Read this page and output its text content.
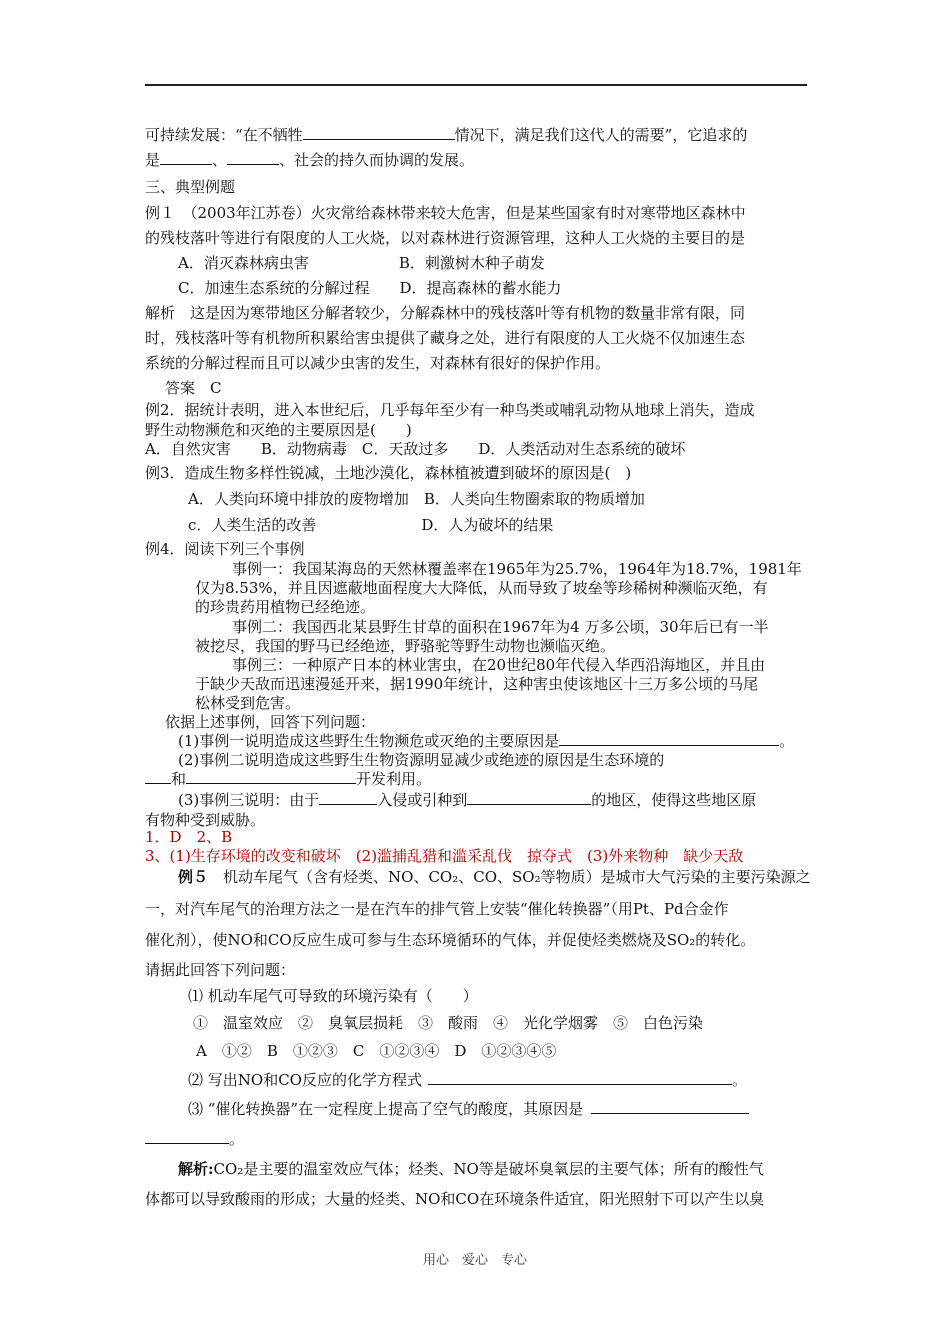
可持续发展：“在不牺牲	情况下，满足我们这代人的需要”，它追求的
是	、	、社会的持久而协调的发展。
三、典型例题
例１　（2003年江苏卷）火灾常给森林带来较大危害，但是某些国家有时对寒带地区森林中
的残枝落叶等进行有限度的人工火烧，以对森林进行资源管理，这种人工火烧的主要目的是
A．消灭森林病虫害　　　　　　B．刺激树木种子萌发
C．加速生态系统的分解过程　　D．提高森林的蓄水能力
解析　这是因为寒带地区分解者较少，分解森林中的残枝落叶等有机物的数量非常有限，同
时，残枝落叶等有机物所积累给害虫提供了藏身之处，进行有限度的人工火烧不仅加速生态
系统的分解过程而且可以减少虫害的发生，对森林有很好的保护作用。
答案　C
例2．据统计表明，进入本世纪后，几乎每年至少有一种鸟类或哺乳动物从地球上消失，造成
野生动物濒危和灭绝的主要原因是(　　)
A．自然灾害　　B．动物病毒　C．天敌过多　　D．人类活动对生态系统的破坏
例3．造成生物多样性锐减，土地沙漠化，森林植被遭到破坏的原因是(　)
A．人类向环境中排放的废物增加　B．人类向生物圈索取的物质增加
c．人类生活的改善　　　　　　　D．人为破坏的结果
例4．阅读下列三个事例
事例一：我国某海岛的天然林覆盖率在1965年为25.7%，1964年为18.7%，1981年
仅为8.53%，并且因遮蔽地面程度大大降低，从而导致了坡垒等珍稀树种濒临灭绝，有
的珍贵药用植物已经绝迹。
事例二：我国西北某县野生甘草的面积在1967年为4 万多公顷，30年后已有一半
被挖尽，我国的野马已经绝迹，野骆驼等野生动物也濒临灭绝。
事例三：一种原产日本的林业害虫，在20世纪80年代侵入华西沿海地区，并且由
于缺少天敌而迅速漫延开来，据1990年统计，这种害虫使该地区十三万多公顷的马尾
松林受到危害。
依据上述事例，回答下列问题：
(1)事例一说明造成这些野生生物濒危或灭绝的主要原因是	。
(2)事例二说明造成这些野生生物资源明显减少或绝迹的原因是生态环境的
和	开发利用。
(3)事例三说明：由于	入侵或引种到	的地区，使得这些地区原
有物种受到威胁。
1．D　2、B
3、(1)生存环境的改变和破坏　(2)滥捕乱猎和滥采乱伐　掠夺式　(3)外来物种　缺少天敌
例５　机动车尾气（含有烃类、NO、CO₂、CO、SO₂等物质）是城市大气污染的主要污染源之
一，对汽车尾气的治理方法之一是在汽车的排气管上安装“催化转换器”（用Pt、Pd合金作
催化剂），使NO和CO反应生成可参与生态环境循环的气体，并促使烃类燃烧及SO₂的转化。
请据此回答下列问题：
⑴ 机动车尾气可导致的环境污染有（　　）
①　温室效应　②　臭氧层损耗　③　酸雨　④　光化学烟雾　⑤　白色污染
A　①②　B　①②③　C　①②③④　D　①②③④⑤
⑵ 写出NO和CO反应的化学方程式	。
⑶ “催化转换器”在一定程度上提高了空气的酸度，其原因是
。
解析:CO₂是主要的温室效应气体；烃类、NO等是破坏臭氧层的主要气体；所有的酸性气
体都可以导致酸雨的形成；大量的烃类、NO和CO在环境条件适宜，阳光照射下可以产生以臭
用心　爱心　专心
